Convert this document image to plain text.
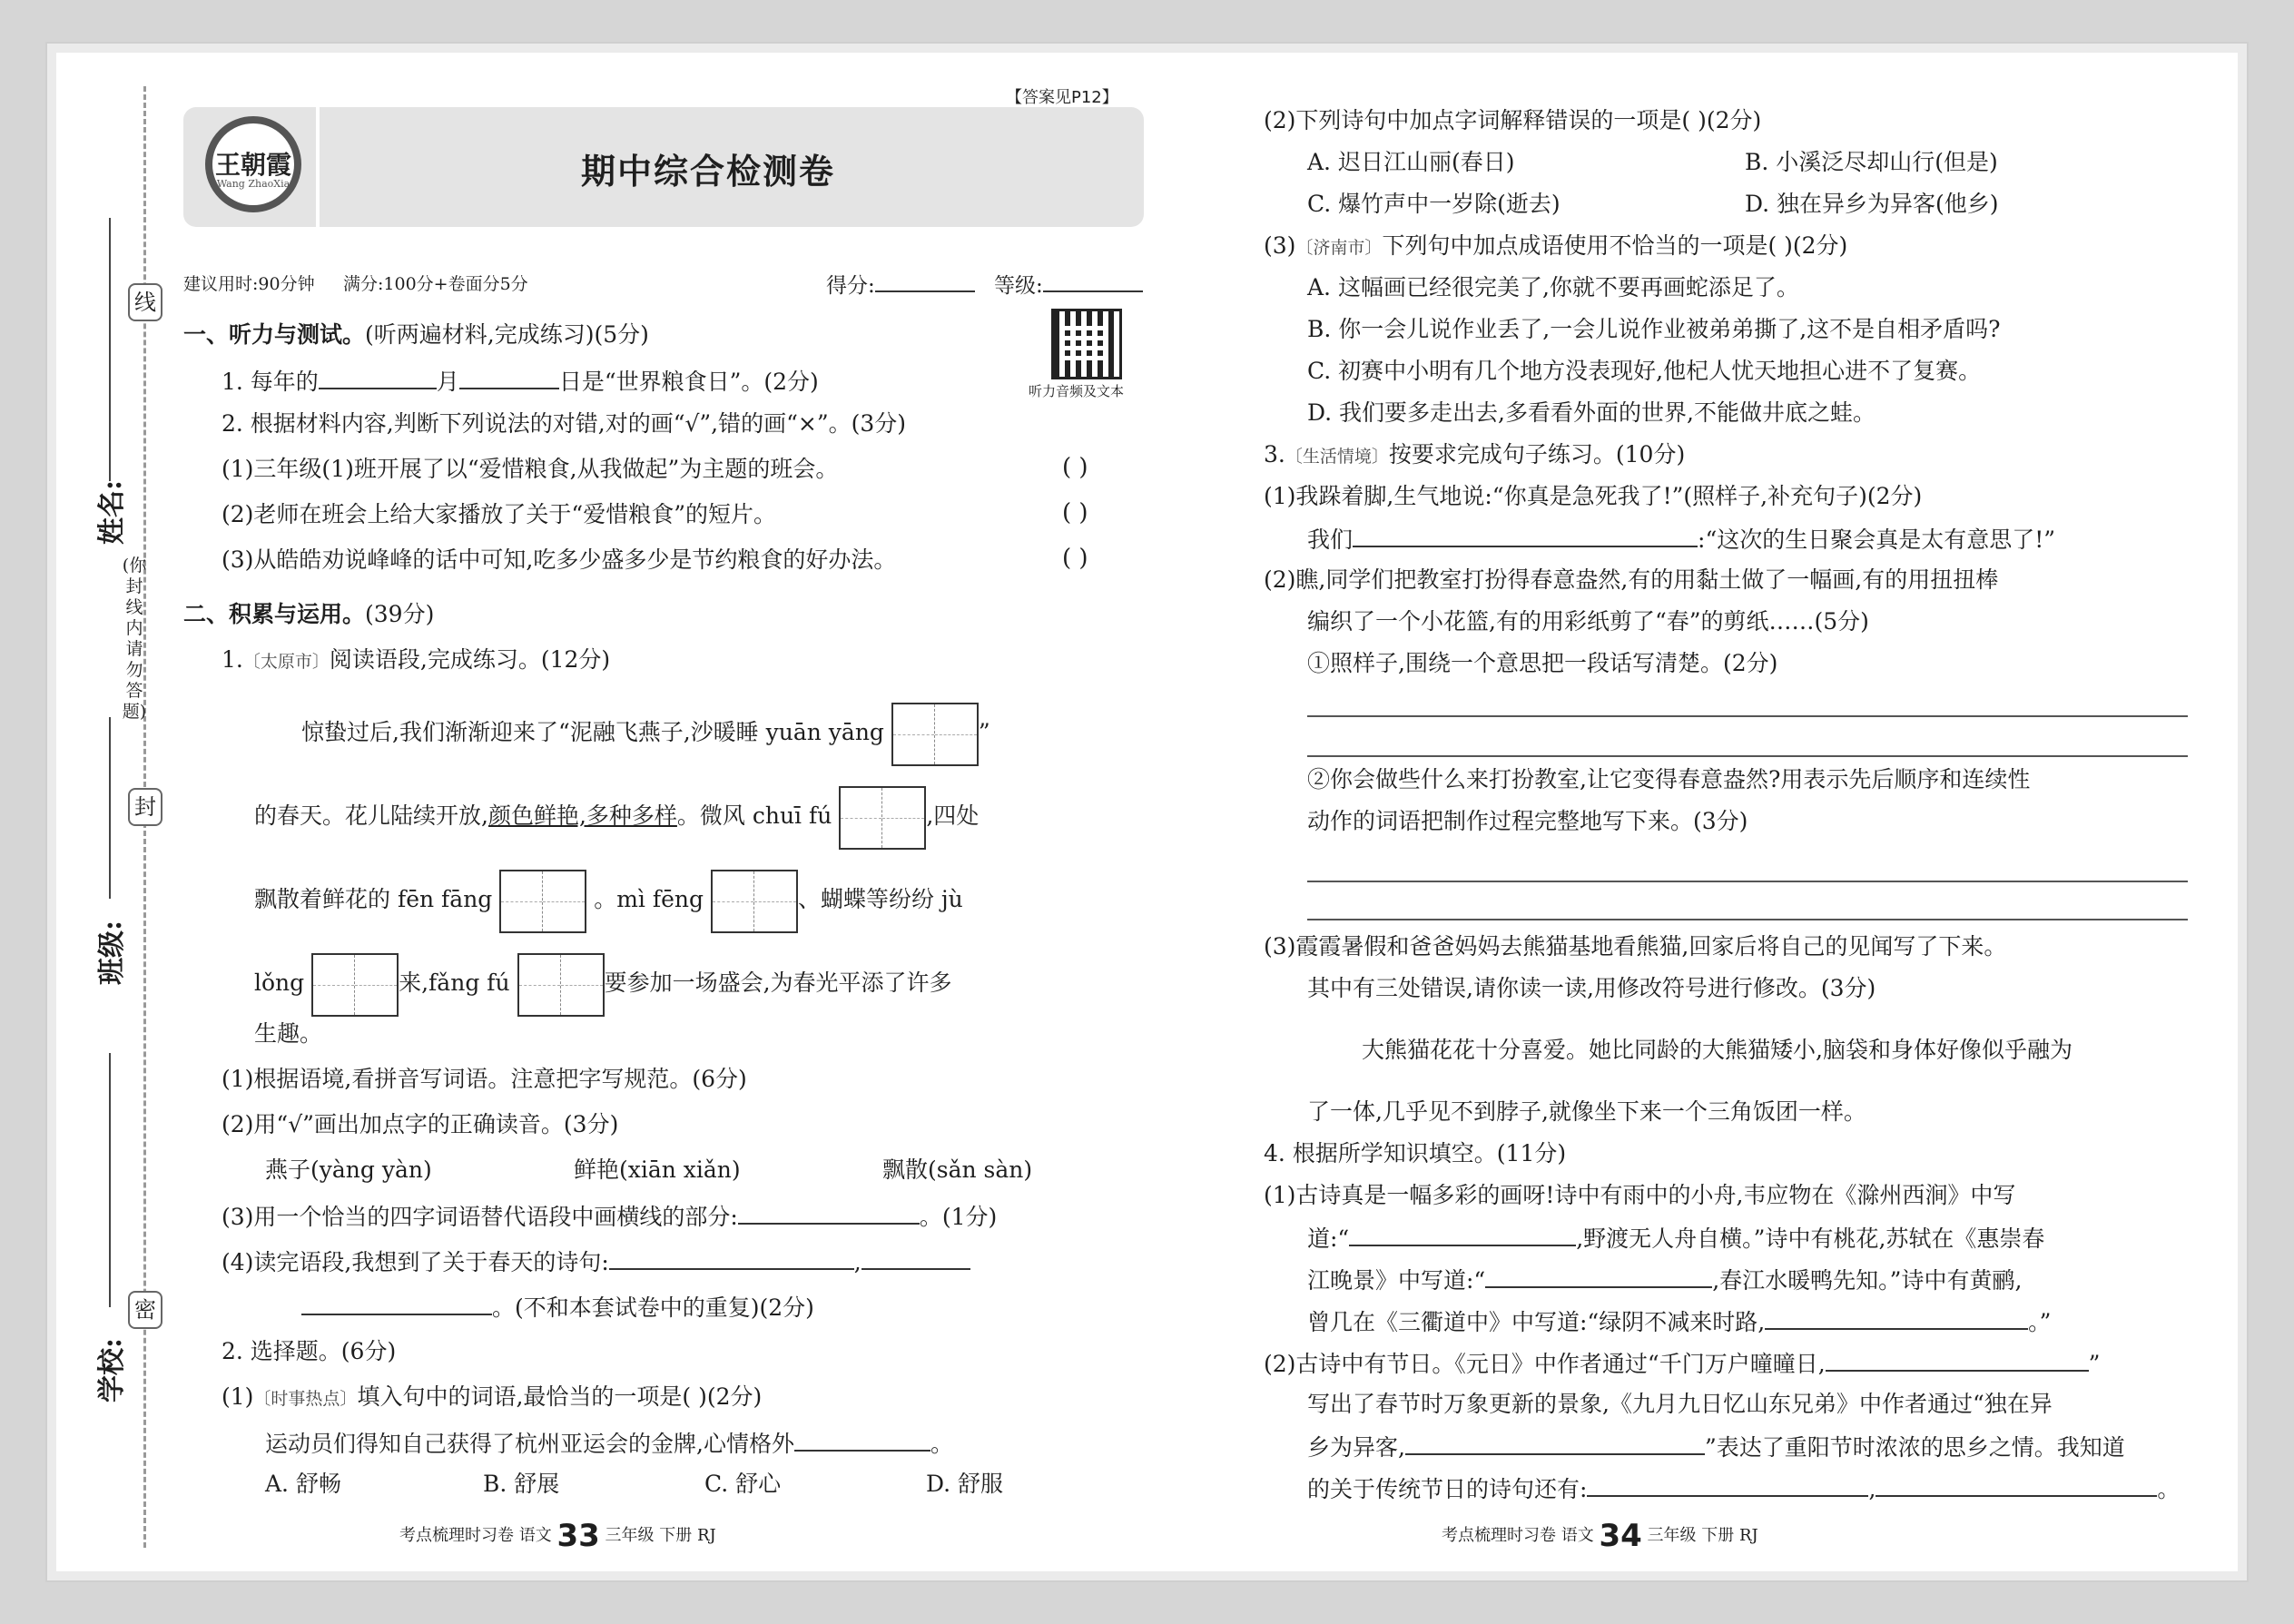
线
封
密
(你封线内请勿答题)
姓名:
班级:
学校:
【答案见P12】
王朝霞
Wang ZhaoXia	期中综合检测卷
建议用时:90分钟 满分:100分+卷面分5分	得分:	等级:
听力音频及文本
一、听力与测试。(听两遍材料,完成练习)(5分)
1. 每年的	月	日是“世界粮食日”。(2分)
2. 根据材料内容,判断下列说法的对错,对的画“√”,错的画“×”。(3分)
(1)三年级(1)班开展了以“爱惜粮食,从我做起”为主题的班会。	( )
(2)老师在班会上给大家播放了关于“爱惜粮食”的短片。	( )
(3)从皓皓劝说峰峰的话中可知,吃多少盛多少是节约粮食的好办法。	( )
二、积累与运用。(39分)
1.〔太原市〕阅读语段,完成练习。(12分)
惊蛰过后,我们渐渐迎来了“泥融飞燕子,沙暖睡 yuān yāng	”
的春天。花儿陆续开放,颜色鲜艳,多种多样。微风 chuī fú	,四处
飘散着鲜花的 fēn fāng	。mì fēng	、蝴蝶等纷纷 jù
lǒng	来,fǎng fú	要参加一场盛会,为春光平添了许多
生趣。
(1)根据语境,看拼音写词语。注意把字写规范。(6分)
(2)用“√”画出加点字的正确读音。(3分)
燕子(yàng yàn)	鲜艳(xiān xiǎn)	飘散(sǎn sàn)
(3)用一个恰当的四字词语替代语段中画横线的部分:	。(1分)
(4)读完语段,我想到了关于春天的诗句:	,
。(不和本套试卷中的重复)(2分)
2. 选择题。(6分)
(1)〔时事热点〕填入句中的词语,最恰当的一项是( )(2分)
运动员们得知自己获得了杭州亚运会的金牌,心情格外	。
A. 舒畅	B. 舒展	C. 舒心	D. 舒服
考点梳理时习卷 语文 33 三年级 下册 RJ
(2)下列诗句中加点字词解释错误的一项是( )(2分)
A. 迟日江山丽(春日)	B. 小溪泛尽却山行(但是)
C. 爆竹声中一岁除(逝去)	D. 独在异乡为异客(他乡)
(3)〔济南市〕下列句中加点成语使用不恰当的一项是( )(2分)
A. 这幅画已经很完美了,你就不要再画蛇添足了。
B. 你一会儿说作业丢了,一会儿说作业被弟弟撕了,这不是自相矛盾吗?
C. 初赛中小明有几个地方没表现好,他杞人忧天地担心进不了复赛。
D. 我们要多走出去,多看看外面的世界,不能做井底之蛙。
3.〔生活情境〕按要求完成句子练习。(10分)
(1)我跺着脚,生气地说:“你真是急死我了!”(照样子,补充句子)(2分)
我们	:“这次的生日聚会真是太有意思了!”
(2)瞧,同学们把教室打扮得春意盎然,有的用黏土做了一幅画,有的用扭扭棒
编织了一个小花篮,有的用彩纸剪了“春”的剪纸……(5分)
①照样子,围绕一个意思把一段话写清楚。(2分)
②你会做些什么来打扮教室,让它变得春意盎然?用表示先后顺序和连续性
动作的词语把制作过程完整地写下来。(3分)
(3)霞霞暑假和爸爸妈妈去熊猫基地看熊猫,回家后将自己的见闻写了下来。
其中有三处错误,请你读一读,用修改符号进行修改。(3分)
大熊猫花花十分喜爱。她比同龄的大熊猫矮小,脑袋和身体好像似乎融为
了一体,几乎见不到脖子,就像坐下来一个三角饭团一样。
4. 根据所学知识填空。(11分)
(1)古诗真是一幅多彩的画呀!诗中有雨中的小舟,韦应物在《滁州西涧》中写
道:“	,野渡无人舟自横。”诗中有桃花,苏轼在《惠崇春
江晚景》中写道:“	,春江水暖鸭先知。”诗中有黄鹂,
曾几在《三衢道中》中写道:“绿阴不减来时路,	。”
(2)古诗中有节日。《元日》中作者通过“千门万户曈曈日,	”
写出了春节时万象更新的景象,《九月九日忆山东兄弟》中作者通过“独在异
乡为异客,	”表达了重阳节时浓浓的思乡之情。我知道
的关于传统节日的诗句还有:	,	。
考点梳理时习卷 语文 34 三年级 下册 RJ
